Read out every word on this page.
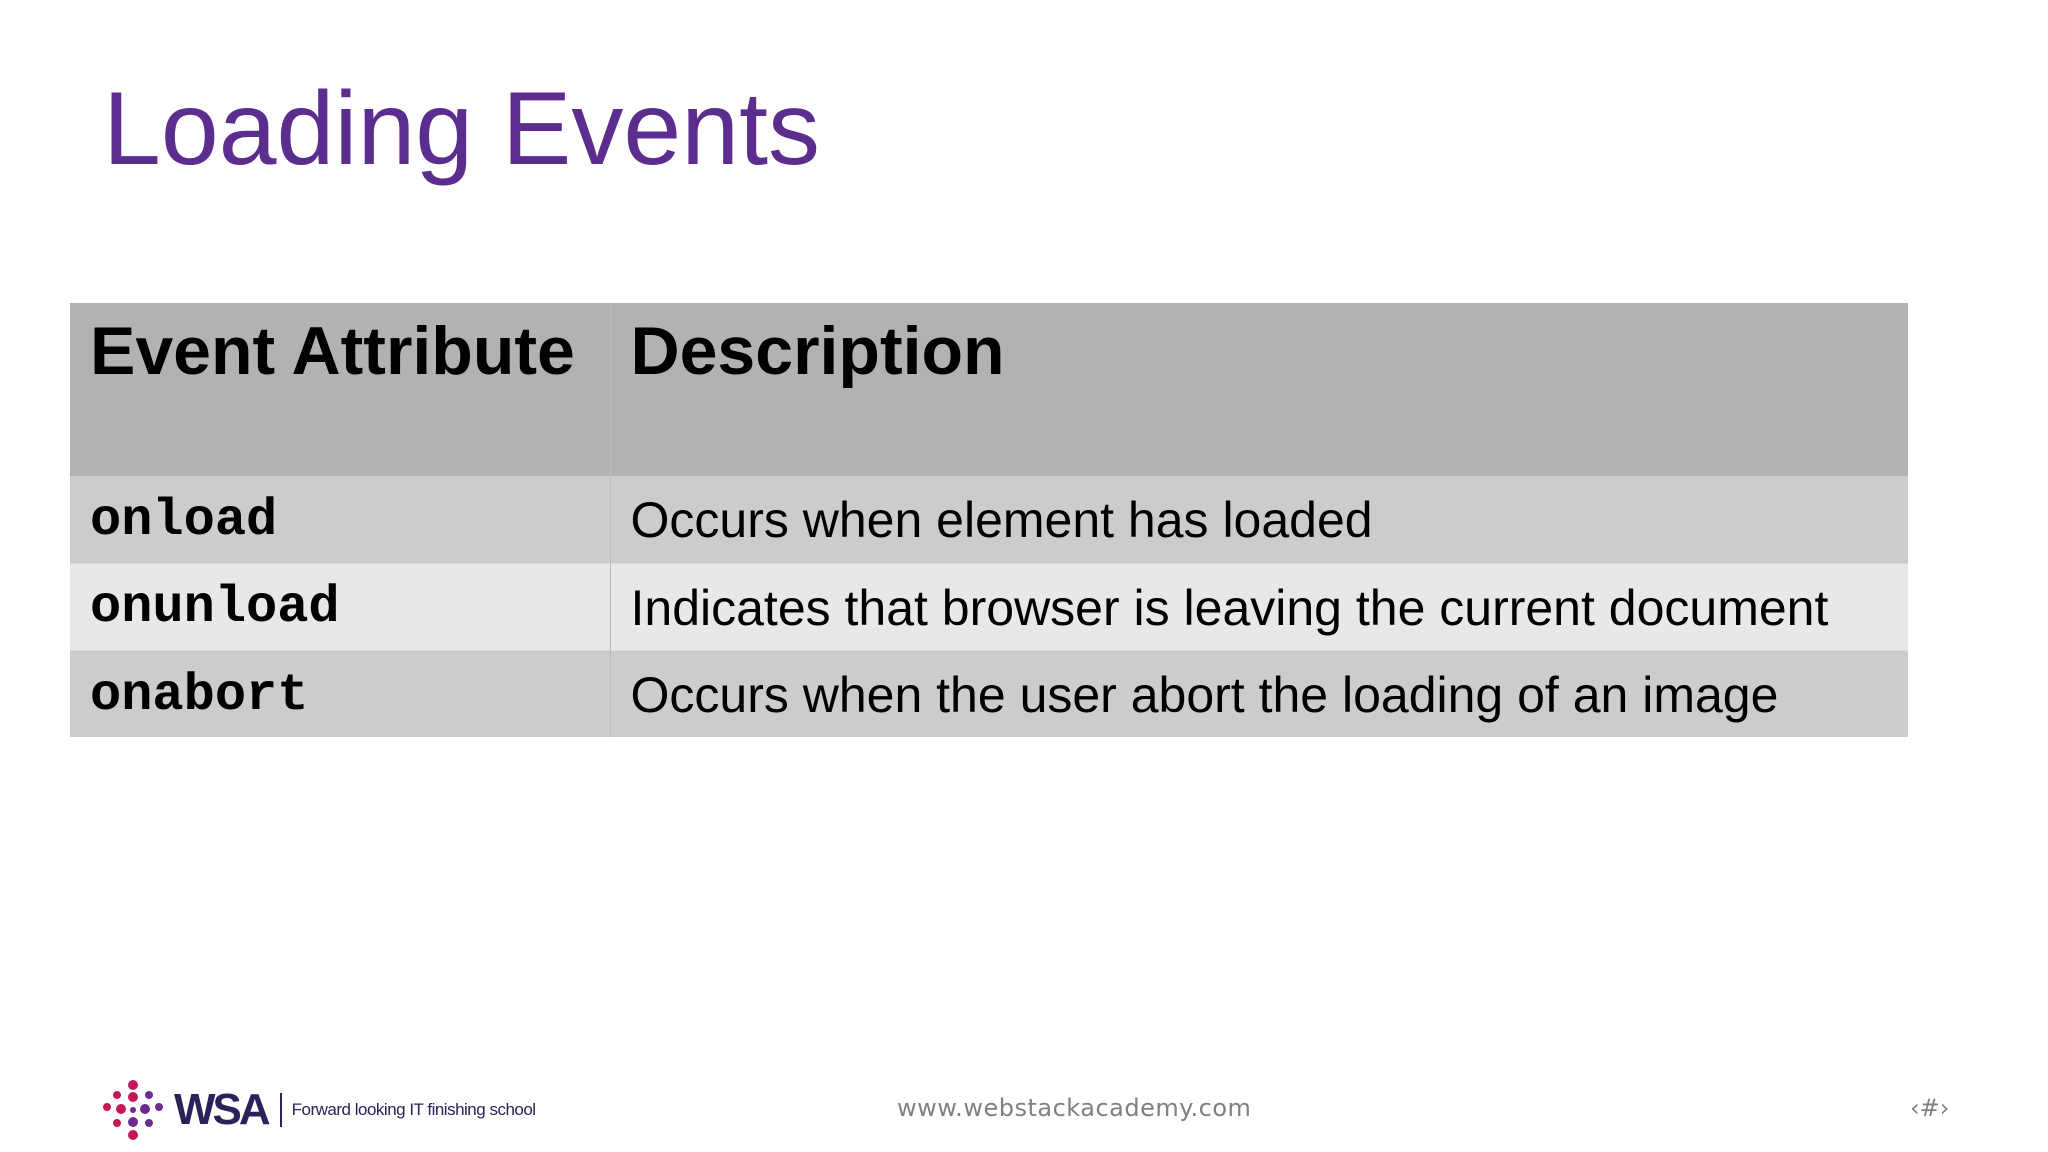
Loading Events
Event Attribute	Description
onload	Occurs when element has loaded
onunload	Indicates that browser is leaving the current document
onabort	Occurs when the user abort the loading of an image
WSA Forward looking IT finishing school	www.webstackacademy.com	‹#›
